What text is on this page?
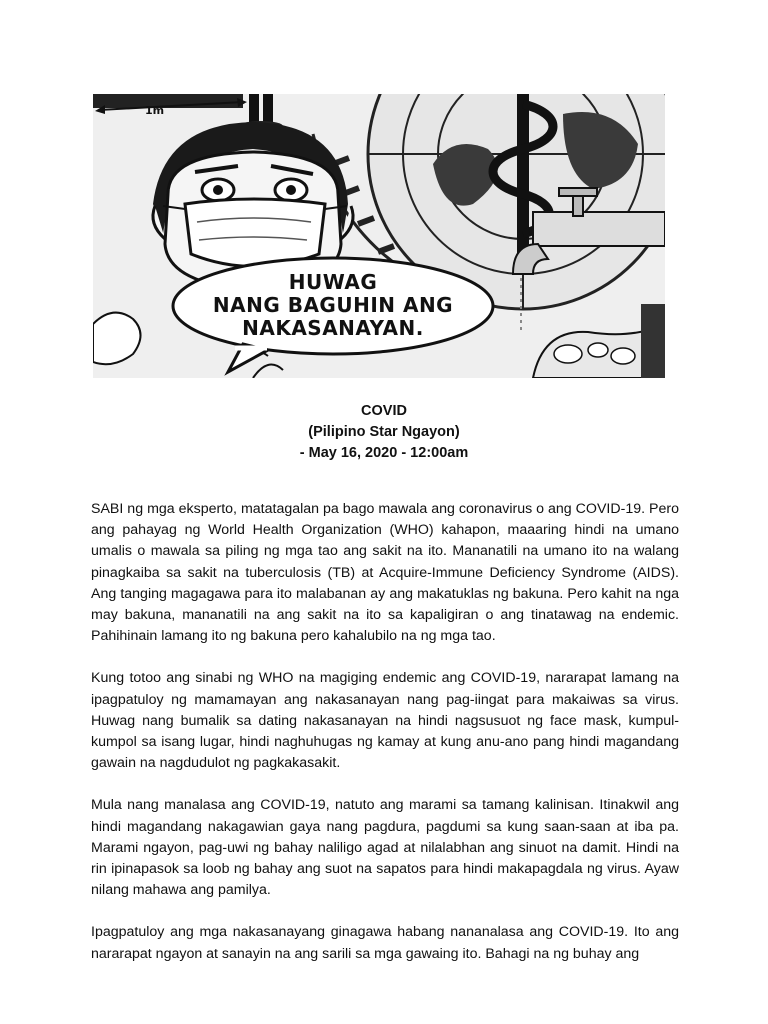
1m
HUWAG
NANG BAGUHIN ANG
NAKASANAYAN.
COVID
(Pilipino Star Ngayon)
- May 16, 2020 - 12:00am

SABI ng mga eksperto, matatagalan pa bago mawala ang coronavirus o ang COVID-19. Pero ang pahayag ng World Health Organization (WHO) kahapon, maaaring hindi na umano umalis o mawala sa piling ng mga tao ang sakit na ito. Mananatili na umano ito na walang pinagkaiba sa sakit na tuberculosis (TB) at Acquire-Immune Deficiency Syndrome (AIDS). Ang tanging magagawa para ito malabanan ay ang makatuklas ng bakuna. Pero kahit na nga may bakuna, mananatili na ang sakit na ito sa kapaligiran o ang tinatawag na endemic. Pahihinain lamang ito ng bakuna pero kahalubilo na ng mga tao.

Kung totoo ang sinabi ng WHO na magiging endemic ang COVID-19, nararapat lamang na ipagpatuloy ng mamamayan ang nakasanayan nang pag-iingat para makaiwas sa virus. Huwag nang bumalik sa dating nakasanayan na hindi nagsusuot ng face mask, kumpul-kumpol sa isang lugar, hindi naghuhugas ng kamay at kung anu-ano pang hindi magandang gawain na nagdudulot ng pagkakasakit.

Mula nang manalasa ang COVID-19, natuto ang marami sa tamang kalinisan. Itinakwil ang hindi magandang nakagawian gaya nang pagdura, pagdumi sa kung saan-saan at iba pa. Marami ngayon, pag-uwi ng bahay naliligo agad at nilalabhan ang sinuot na damit. Hindi na rin ipinapasok sa loob ng bahay ang suot na sapatos para hindi makapagdala ng virus. Ayaw nilang mahawa ang pamilya.

Ipagpatuloy ang mga nakasanayang ginagawa habang nananalasa ang COVID-19. Ito ang nararapat ngayon at sanayin na ang sarili sa mga gawaing ito. Bahagi na ng buhay ang
